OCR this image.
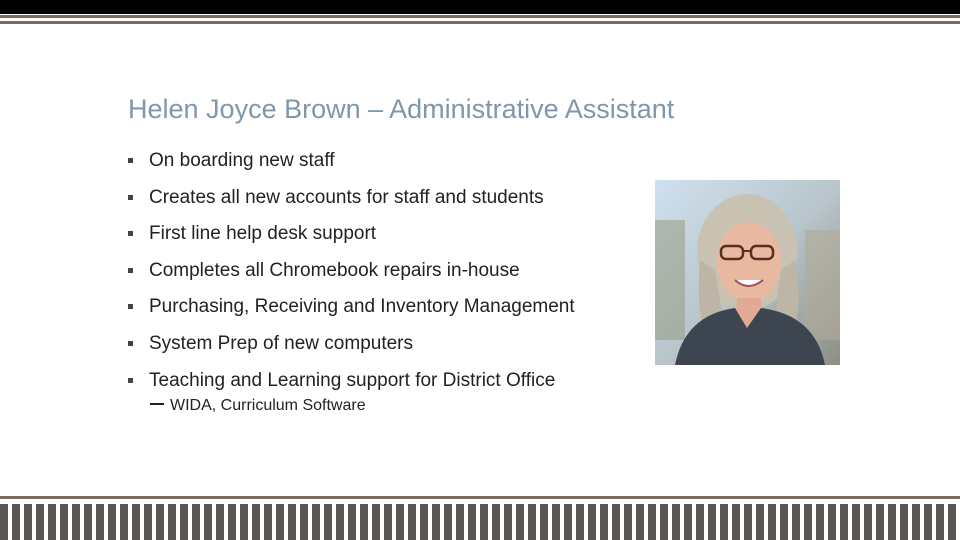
Helen Joyce Brown – Administrative Assistant
On boarding new staff
Creates all new accounts for staff and students
First line help desk support
Completes all Chromebook repairs in-house
Purchasing, Receiving and Inventory Management
System Prep of new computers
Teaching and Learning support for District Office
WIDA, Curriculum Software
